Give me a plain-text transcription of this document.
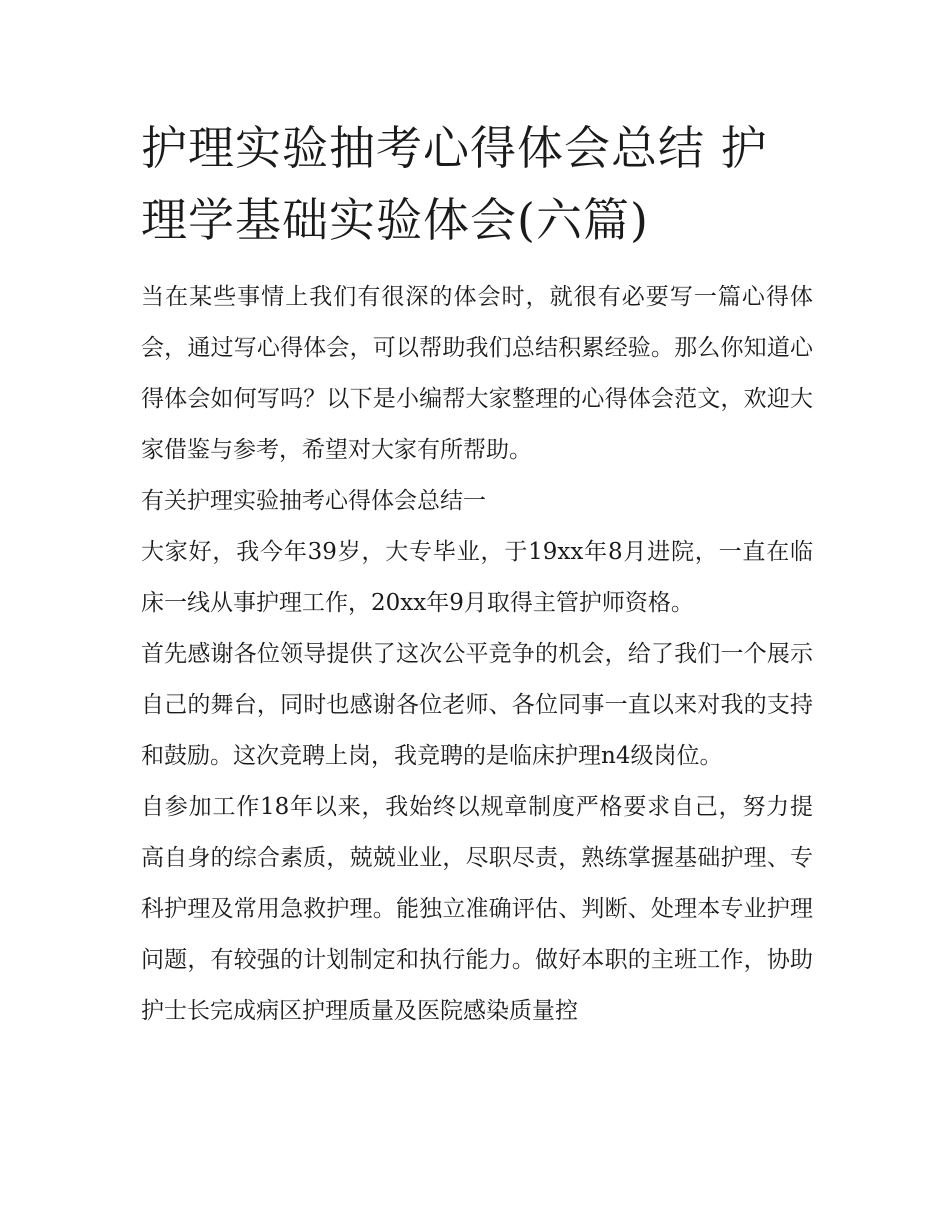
护理实验抽考心得体会总结 护理学基础实验体会(六篇)

当在某些事情上我们有很深的体会时，就很有必要写一篇心得体会，通过写心得体会，可以帮助我们总结积累经验。那么你知道心得体会如何写吗？以下是小编帮大家整理的心得体会范文，欢迎大家借鉴与参考，希望对大家有所帮助。

有关护理实验抽考心得体会总结一

大家好，我今年39岁，大专毕业，于19xx年8月进院，一直在临床一线从事护理工作，20xx年9月取得主管护师资格。

首先感谢各位领导提供了这次公平竞争的机会，给了我们一个展示自己的舞台，同时也感谢各位老师、各位同事一直以来对我的支持和鼓励。这次竞聘上岗，我竞聘的是临床护理n4级岗位。

自参加工作18年以来，我始终以规章制度严格要求自己，努力提高自身的综合素质，兢兢业业，尽职尽责，熟练掌握基础护理、专科护理及常用急救护理。能独立准确评估、判断、处理本专业护理问题，有较强的计划制定和执行能力。做好本职的主班工作，协助护士长完成病区护理质量及医院感染质量控
